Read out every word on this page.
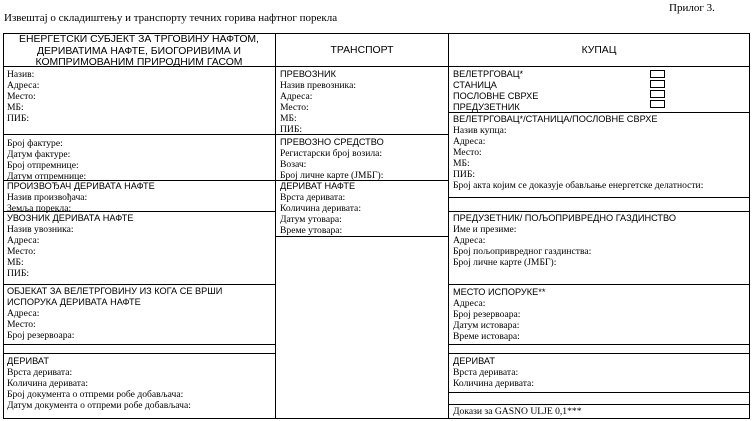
Извештај о складиштењу и транспорту течних горива нафтног порекла
Прилог 3.
ЕНЕРГЕТСКИ СУБЈЕКТ ЗА ТРГОВИНУ НАФТОМ,
ДЕРИВАТИМА НАФТЕ, БИОГОРИВИМА И
КОМПРИМОВАНИМ ПРИРОДНИМ ГАСОМ
ТРАНСПОРТ	КУПАЦ
Назив:
Адреса:
Место:
МБ:
ПИБ:
Број фактуре:
Датум фактуре:
Број отпремнице:
Датум отпремнице:
ПРОИЗВОЂАЧ ДЕРИВАТА НАФТЕ
Назив произвођача:
Земља порекла:
УВОЗНИК ДЕРИВАТА НАФТЕ
Назив увозника:
Адреса:
Место:
МБ:
ПИБ:
ОБЈЕКАТ ЗА ВЕЛЕТРГОВИНУ ИЗ КОГА СЕ ВРШИ
ИСПОРУКА ДЕРИВАТА НАФТЕ
Адреса:
Место:
Број резервоара:
ДЕРИВАТ
Врста деривата:
Количина деривата:
Број документа о отпреми робе добављача:
Датум документа о отпреми робе добављача:
ПРЕВОЗНИК
Назив превозника:
Адреса:
Место:
МБ:
ПИБ:
ПРЕВОЗНО СРЕДСТВО
Регистарски број возила:
Возач:
Број личне карте (ЈМБГ):
ДЕРИВАТ НАФТЕ
Врста деривата:
Количина деривата:
Датум утовара:
Време утовара:
ВЕЛЕТРГОВАЦ*
СТАНИЦА
ПОСЛОВНЕ СВРХЕ
ПРЕДУЗЕТНИК
ВЕЛЕТРГОВАЦ*/СТАНИЦА/ПОСЛОВНЕ СВРХЕ
Назив купца:
Адреса:
Место:
МБ:
ПИБ:
Број акта којим се доказује обављање енергетске делатности:
ПРЕДУЗЕТНИК/ ПОЉОПРИВРЕДНО ГАЗДИНСТВО
Име и презиме:
Адреса:
Број пољопривредног газдинства:
Број личне карте (ЈМБГ):
МЕСТО ИСПОРУКЕ**
Адреса:
Број резервоара:
Датум истовара:
Време истовара:
ДЕРИВАТ
Врста деривата:
Количина деривата:
Докази за GASNO ULJE 0,1***
